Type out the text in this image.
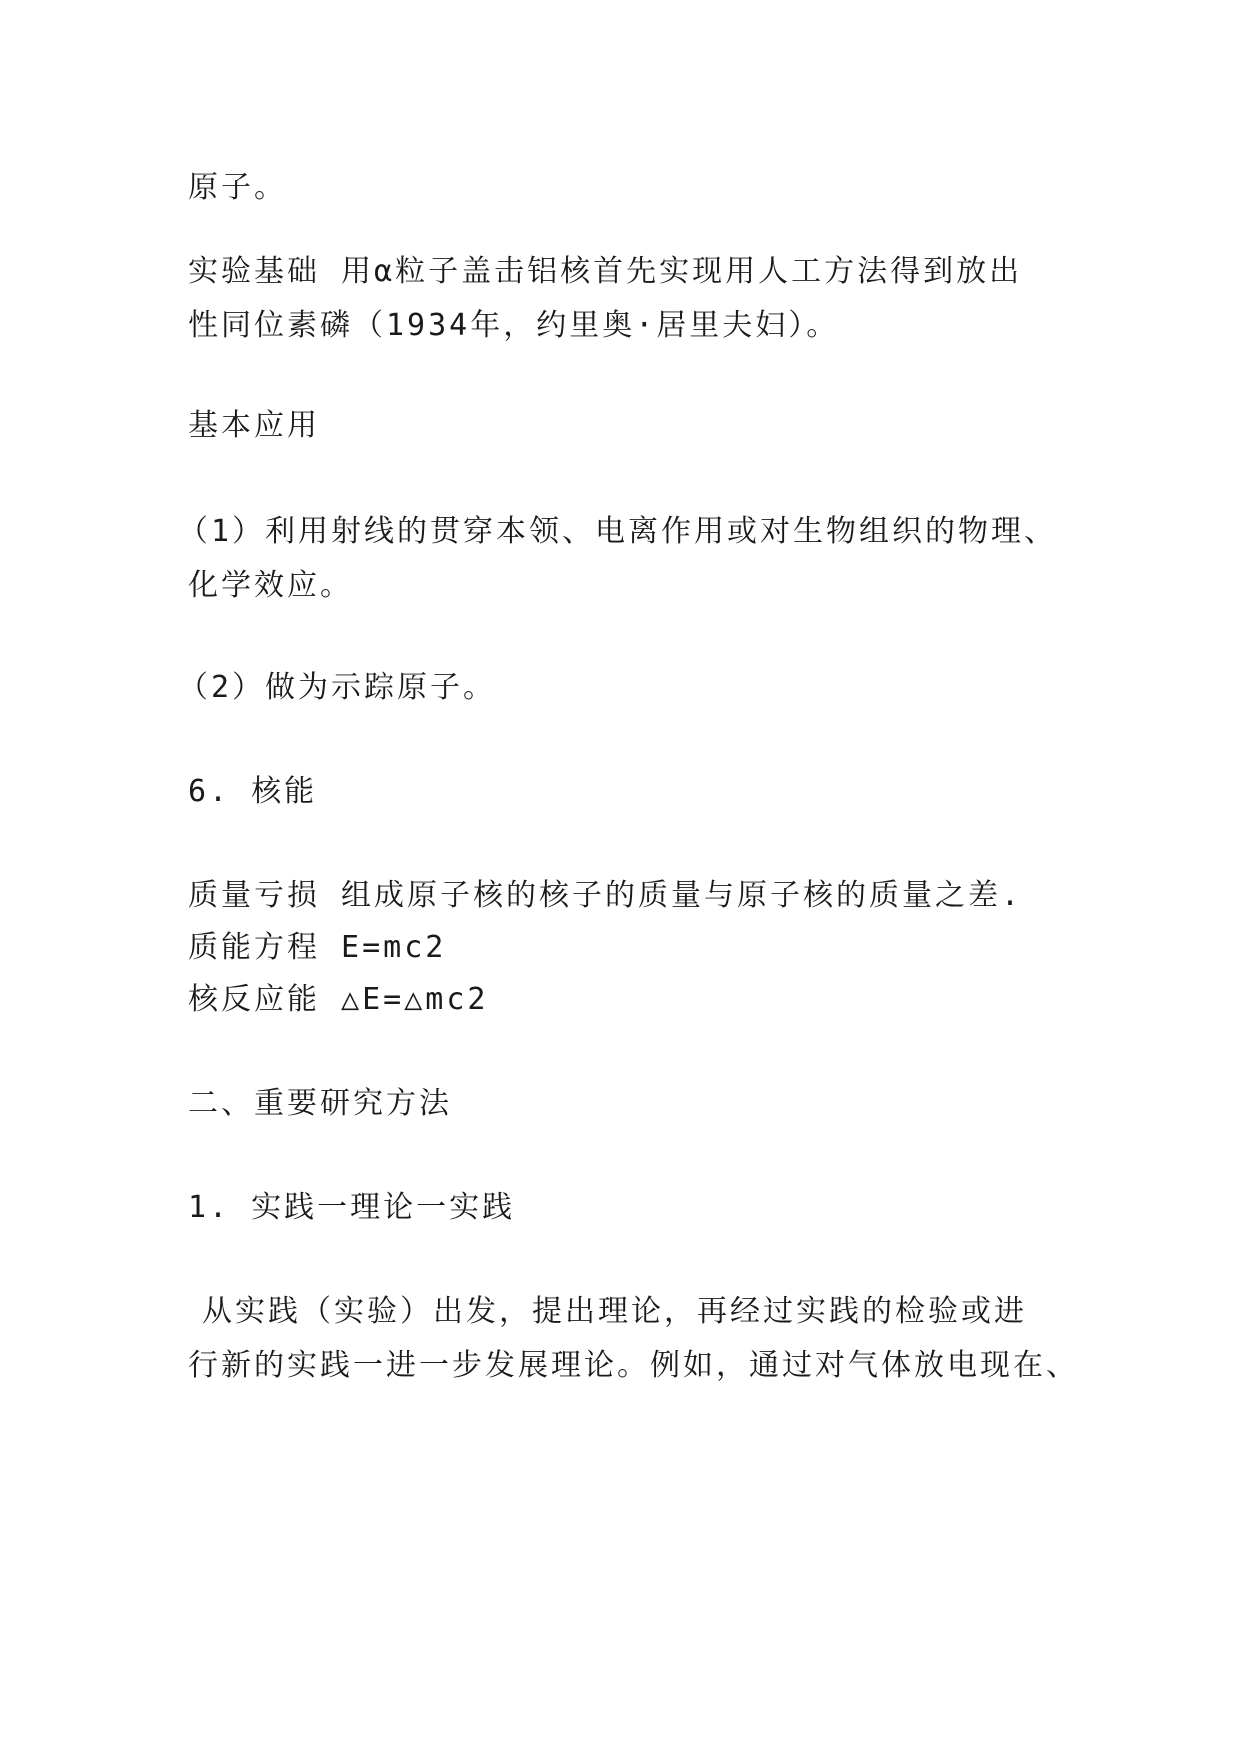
原子。

实验基础 用α粒子盖击铝核首先实现用人工方法得到放出

性同位素磷（1934年，约里奥·居里夫妇）。

基本应用

（1）利用射线的贯穿本领、电离作用或对生物组织的物理、

化学效应。

（2）做为示踪原子。

6. 核能

质量亏损 组成原子核的核子的质量与原子核的质量之差.

质能方程 E=mc2

核反应能 △E=△mc2

二、重要研究方法

1. 实践一理论一实践

从实践（实验）出发，提出理论，再经过实践的检验或进

行新的实践一进一步发展理论。例如，通过对气体放电现在、
